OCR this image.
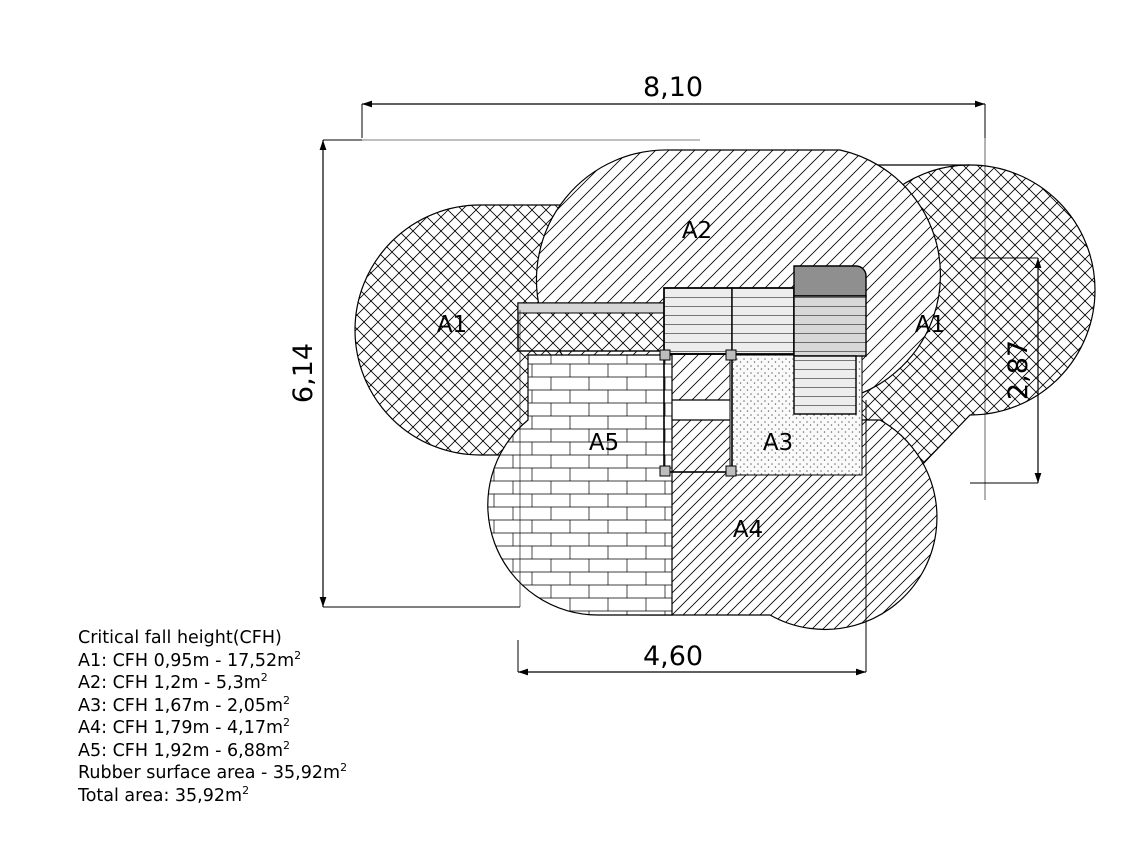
8,10
6,14	2,87
4,60
A1	A1
A2
A3
A4
A5
Critical fall height(CFH)
A1: CFH $0,95m - 17,52m^2$
A2: CFH $1,2m - 5,3m^2$
A3: CFH $1,67m - 2,05m^2$
A4: CFH $1,79m - 4,17m^2$
A5: CFH $1,92m - 6,88m^2$
Rubber surface area - $35,92m^2$
Total area: $35,92m^2$
